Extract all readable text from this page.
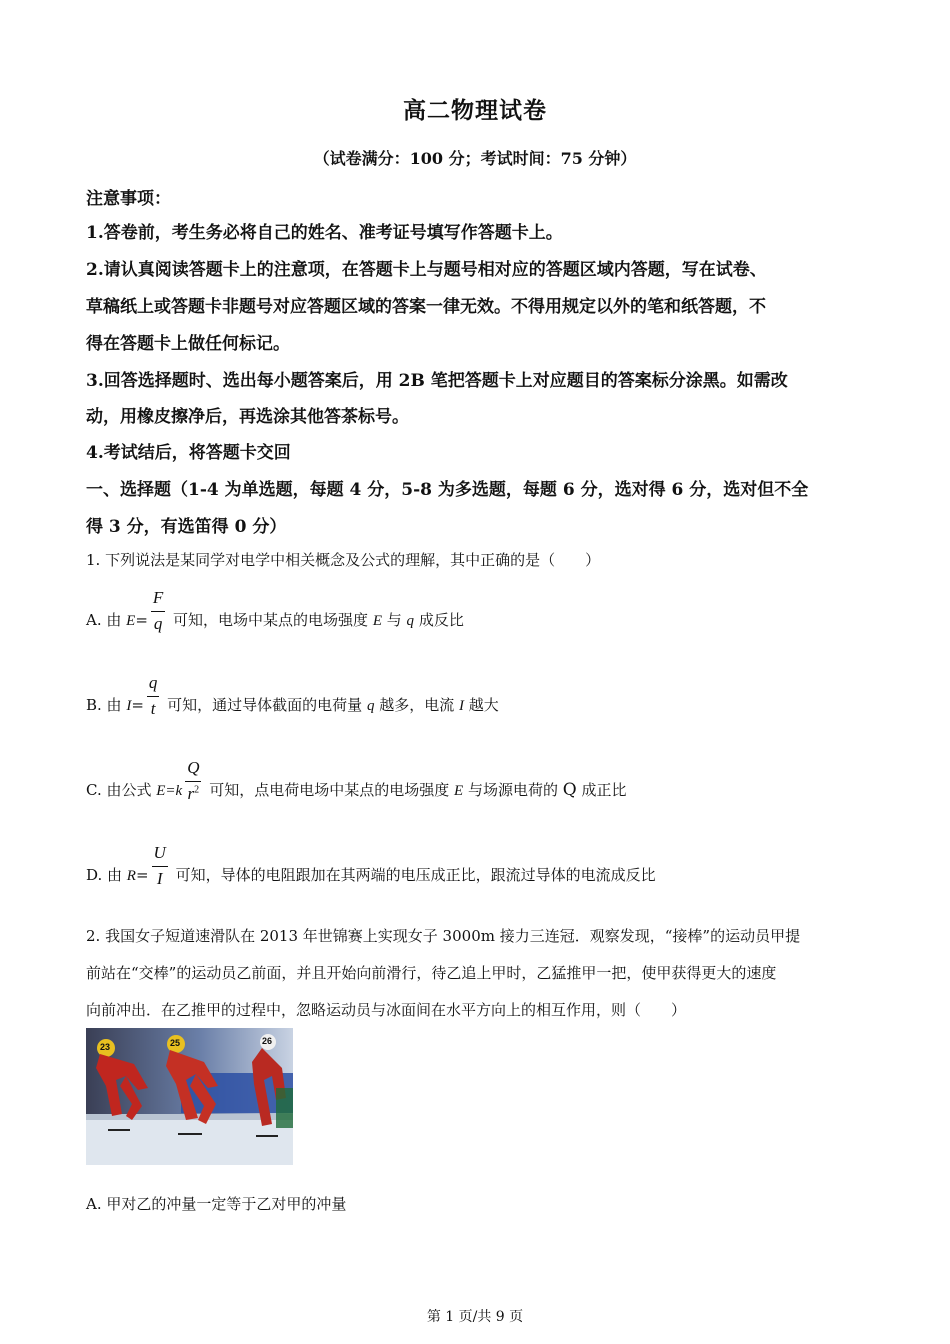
高二物理试卷
（试卷满分：100 分；考试时间：75 分钟）
注意事项：
1.答卷前，考生务必将自己的姓名、准考证号填写作答题卡上。
2.请认真阅读答题卡上的注意项，在答题卡上与题号相对应的答题区域内答题，写在试卷、
草稿纸上或答题卡非题号对应答题区域的答案一律无效。不得用规定以外的笔和纸答题，不
得在答题卡上做任何标记。
3.回答选择题时、选出每小题答案后，用 2B 笔把答题卡上对应题目的答案标分涂黑。如需改
动，用橡皮擦净后，再选涂其他答茶标号。
4.考试结后，将答题卡交回
一、选择题（1-4 为单选题，每题 4 分，5-8 为多选题，每题 6 分，选对得 6 分，选对但不全
得 3 分，有选笛得 0 分）
1. 下列说法是某同学对电学中相关概念及公式的理解，其中正确的是（　　）
A. 由 $E= \frac{F}{q}$ 可知，电场中某点的电场强度 E 与 q 成反比
B. 由 $I= \frac{q}{t}$ 可知，通过导体截面的电荷量 q 越多，电流 I 越大
C. 由公式 $E=k \frac{Q}{r^2}$ 可知，点电荷电场中某点的电场强度 E 与场源电荷的 Q 成正比
D. 由 $R= \frac{U}{I}$ 可知，导体的电阻跟加在其两端的电压成正比，跟流过导体的电流成反比
2. 我国女子短道速滑队在 2013 年世锦赛上实现女子 3000m 接力三连冠．观察发现，“接棒”的运动员甲提
前站在“交棒”的运动员乙前面，并且开始向前滑行，待乙追上甲时，乙猛推甲一把，使甲获得更大的速度
向前冲出．在乙推甲的过程中，忽略运动员与冰面间在水平方向上的相互作用，则（　　）
23	25	26
A. 甲对乙的冲量一定等于乙对甲的冲量
第 1 页/共 9 页
